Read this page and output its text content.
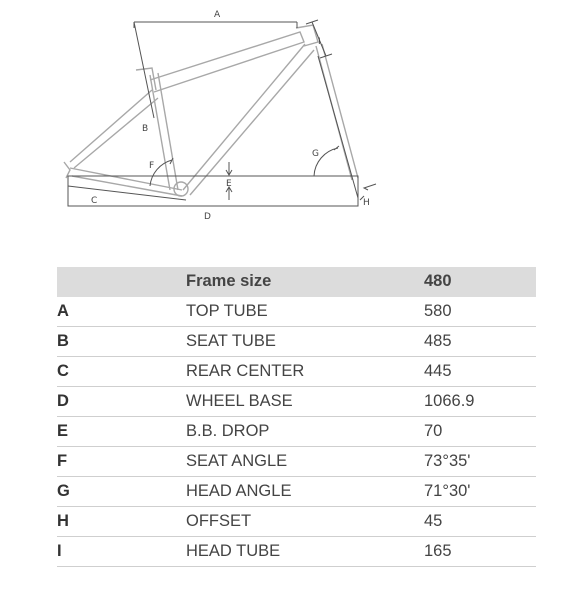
A
B
C
D
E
F
G
H
I
	Frame size	480
A	TOP TUBE	580
B	SEAT TUBE	485
C	REAR CENTER	445
D	WHEEL BASE	1066.9
E	B.B. DROP	70
F	SEAT ANGLE	73°35'
G	HEAD ANGLE	71°30'
H	OFFSET	45
I	HEAD TUBE	165
